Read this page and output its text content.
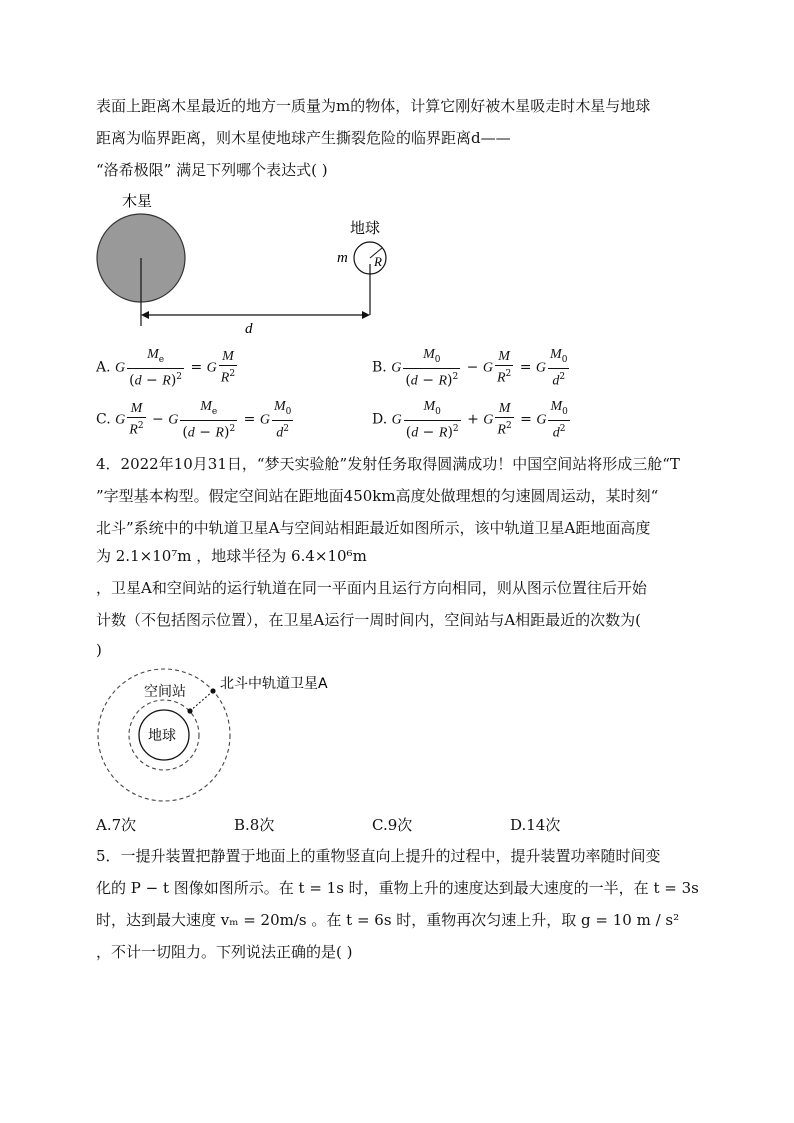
表面上距离木星最近的地方一质量为m的物体，计算它刚好被木星吸走时木星与地球
距离为临界距离，则木星使地球产生撕裂危险的临界距离d——
“洛希极限” 满足下列哪个表达式( )
木星
地球
m R
d
A. G $\frac{M_e}{(d - R)^2} = G \frac{M}{R^2}$	B. G $\frac{M_0}{(d - R)^2} - G \frac{M}{R^2} = G \frac{M_0}{d^2}$
C. G $\frac{M}{R^2} - G \frac{M_e}{(d - R)^2} = G \frac{M_0}{d^2}$	D. G $\frac{M_0}{(d - R)^2} + G \frac{M}{R^2} = G \frac{M_0}{d^2}$
4．2022年10月31日，“梦天实验舱”发射任务取得圆满成功！中国空间站将形成三舱“T
”字型基本构型。假定空间站在距地面450km高度处做理想的匀速圆周运动，某时刻“
北斗”系统中的中轨道卫星A与空间站相距最近如图所示，该中轨道卫星A距地面高度
为 2.1×10⁷m ，地球半径为 6.4×10⁶m
，卫星A和空间站的运行轨道在同一平面内且运行方向相同，则从图示位置往后开始
计数（不包括图示位置），在卫星A运行一周时间内，空间站与A相距最近的次数为(
)
地球
空间站 北斗中轨道卫星A
A.7次	B.8次	C.9次	D.14次
5．一提升装置把静置于地面上的重物竖直向上提升的过程中，提升装置功率随时间变
化的 P − t 图像如图所示。在 t = 1s 时，重物上升的速度达到最大速度的一半，在 t = 3s
时，达到最大速度 vₘ = 20m/s 。在 t = 6s 时，重物再次匀速上升，取 g = 10 m / s²
，不计一切阻力。下列说法正确的是( )
